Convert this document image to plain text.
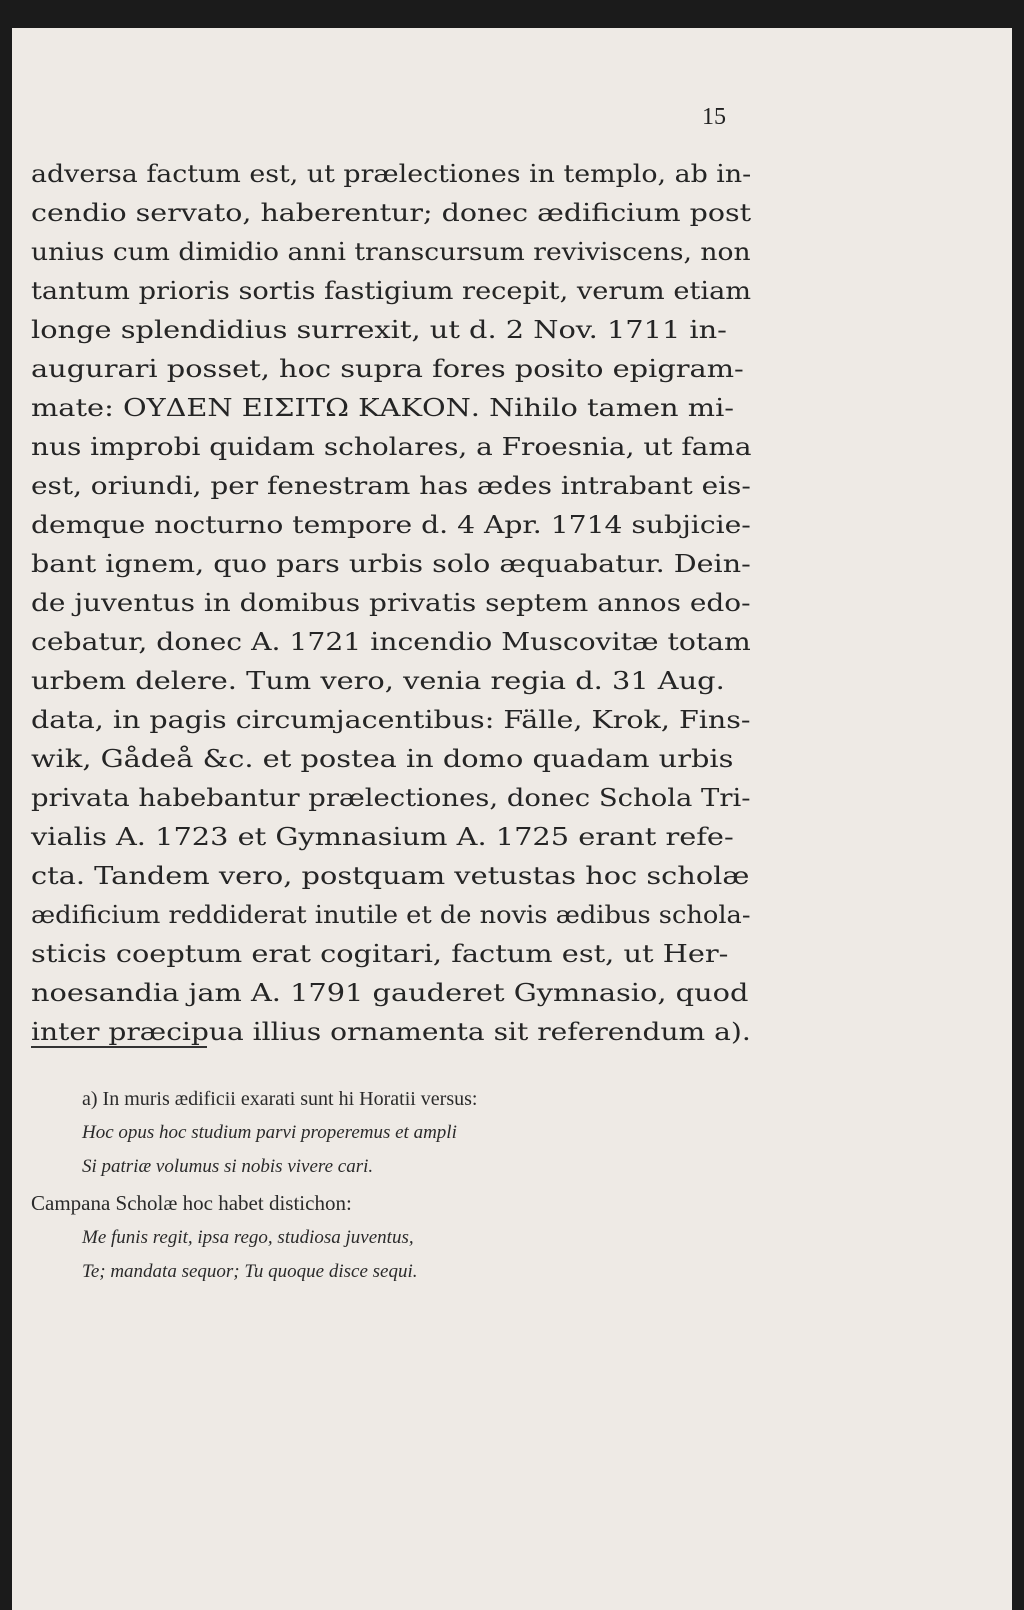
15
adversa factum est, ut prælectiones in templo, ab in-
cendio servato, haberentur; donec ædificium post
unius cum dimidio anni transcursum reviviscens, non
tantum prioris sortis fastigium recepit, verum etiam
longe splendidius surrexit, ut d. 2 Nov. 1711 in-
augurari posset, hoc supra fores posito epigram-
mate: ΟΥΔΕΝ ΕΙΣΙΤΩ ΚΑΚΟΝ. Nihilo tamen mi-
nus improbi quidam scholares, a Froesnia, ut fama
est, oriundi, per fenestram has ædes intrabant eis-
demque nocturno tempore d. 4 Apr. 1714 subjicie-
bant ignem, quo pars urbis solo æquabatur. Dein-
de juventus in domibus privatis septem annos edo-
cebatur, donec A. 1721 incendio Muscovitæ totam
urbem delere. Tum vero, venia regia d. 31 Aug.
data, in pagis circumjacentibus: Fälle, Krok, Fins-
wik, Gådeå &c. et postea in domo quadam urbis
privata habebantur prælectiones, donec Schola Tri-
vialis A. 1723 et Gymnasium A. 1725 erant refe-
cta. Tandem vero, postquam vetustas hoc scholæ
ædificium reddiderat inutile et de novis ædibus schola-
sticis coeptum erat cogitari, factum est, ut Her-
noesandia jam A. 1791 gauderet Gymnasio, quod
inter præcipua illius ornamenta sit referendum a).
a) In muris ædificii exarati sunt hi Horatii versus:
Hoc opus hoc studium parvi properemus et ampli
Si patriæ volumus si nobis vivere cari.
Campana Scholæ hoc habet distichon:
Me funis regit, ipsa rego, studiosa juventus,
Te; mandata sequor; Tu quoque disce sequi.
